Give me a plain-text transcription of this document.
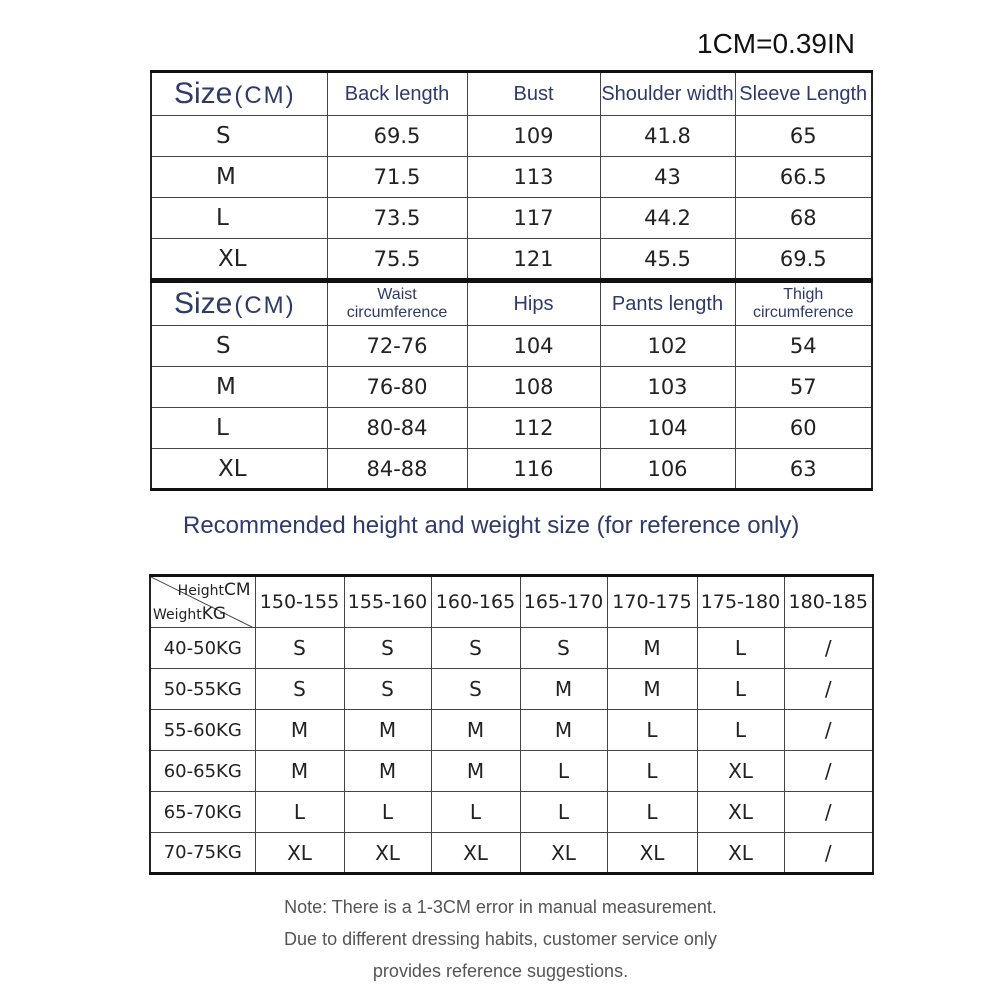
1CM=0.39IN
Size(CM)	Back length	Bust	Shoulder width	Sleeve Length
S	69.5	109	41.8	65
M	71.5	113	43	66.5
L	73.5	117	44.2	68
XL	75.5	121	45.5	69.5
Size(CM)	Waist circumference	Hips	Pants length	Thigh circumference
S	72-76	104	102	54
M	76-80	108	103	57
L	80-84	112	104	60
XL	84-88	116	106	63
Recommended height and weight size (for reference only)
HeightCM
WeightKG	150-155	155-160	160-165	165-170	170-175	175-180	180-185
40-50KG	S	S	S	S	M	L	/
50-55KG	S	S	S	M	M	L	/
55-60KG	M	M	M	M	L	L	/
60-65KG	M	M	M	L	L	XL	/
65-70KG	L	L	L	L	L	XL	/
70-75KG	XL	XL	XL	XL	XL	XL	/
Note: There is a 1-3CM error in manual measurement.
Due to different dressing habits, customer service only
provides reference suggestions.
